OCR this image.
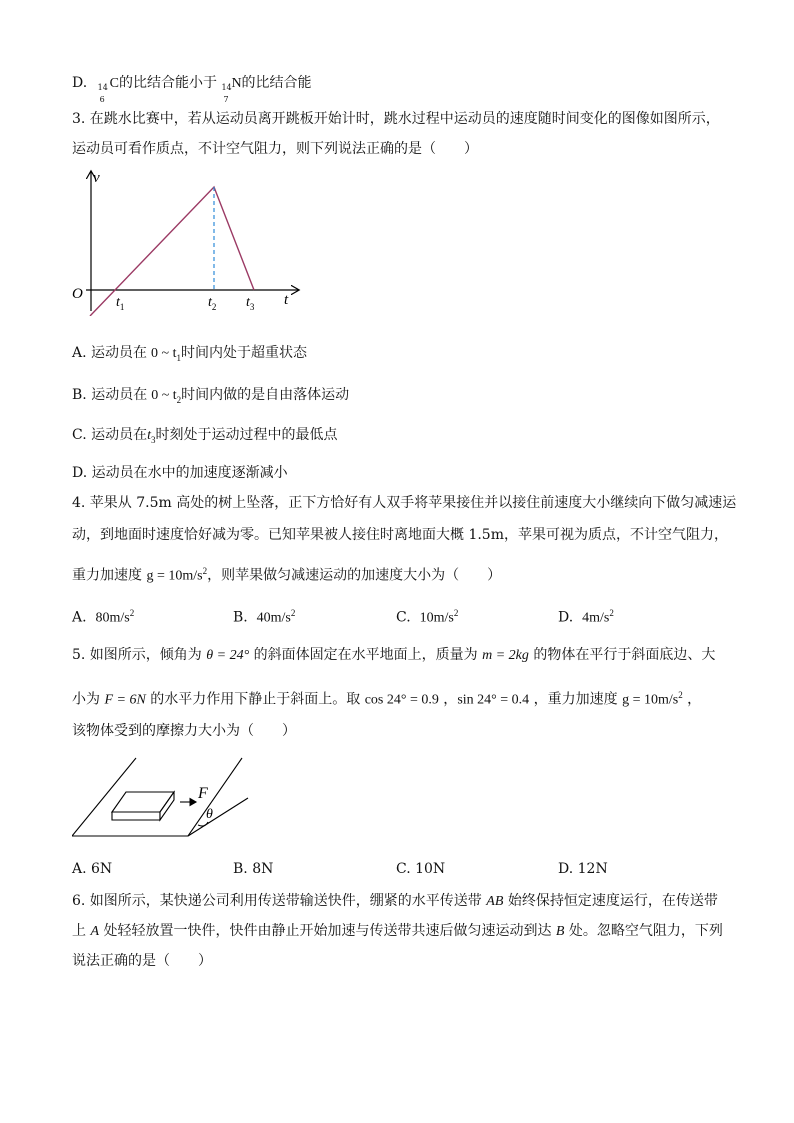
D. 14
6
C的比结合能小于 14
7
N的比结合能
3. 在跳水比赛中，若从运动员离开跳板开始计时，跳水过程中运动员的速度随时间变化的图像如图所示，
运动员可看作质点，不计空气阻力，则下列说法正确的是（　　）
v
O	t
$t_1$	$t_2$ $t_3$
A. 运动员在 0 ~ $t_1$时间内处于超重状态
B. 运动员在 0 ~ $t_2$时间内做的是自由落体运动
C. 运动员在$t_3$时刻处于运动过程中的最低点
D. 运动员在水中的加速度逐渐减小
4. 苹果从 7.5m 高处的树上坠落，正下方恰好有人双手将苹果接住并以接住前速度大小继续向下做匀减速运
动，到地面时速度恰好减为零。已知苹果被人接住时离地面大概 1.5m，苹果可视为质点，不计空气阻力，
重力加速度 $g = 10m/s^2$，则苹果做匀减速运动的加速度大小为（　　）
A. $80m/s^2$	B. $40m/s^2$	C. $10m/s^2$	D. $4m/s^2$
5. 如图所示，倾角为 θ = 24° 的斜面体固定在水平地面上，质量为 m = 2kg 的物体在平行于斜面底边、大
小为 F = 6N 的水平力作用下静止于斜面上。取 cos 24° = 0.9 ，sin 24° = 0.4 ，重力加速度 $g = 10m/s^2$ ，
该物体受到的摩擦力大小为（　　）
F
θ
A. 6N	B. 8N	C. 10N	D. 12N
6. 如图所示，某快递公司利用传送带输送快件，绷紧的水平传送带 AB 始终保持恒定速度运行，在传送带
上 A 处轻轻放置一快件，快件由静止开始加速与传送带共速后做匀速运动到达 B 处。忽略空气阻力，下列
说法正确的是（　　）
